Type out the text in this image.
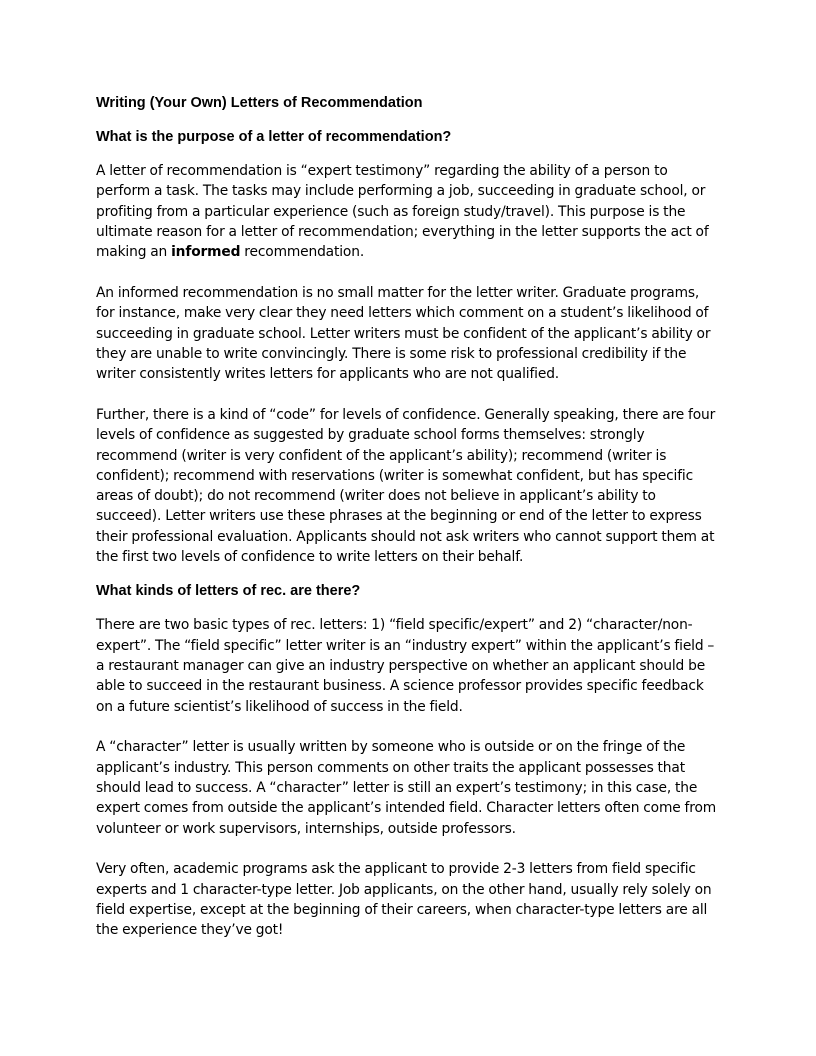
Writing (Your Own) Letters of Recommendation
What is the purpose of a letter of recommendation?

A letter of recommendation is “expert testimony” regarding the ability of a person to perform a task. The tasks may include performing a job, succeeding in graduate school, or profiting from a particular experience (such as foreign study/travel). This purpose is the ultimate reason for a letter of recommendation; everything in the letter supports the act of making an informed recommendation.

An informed recommendation is no small matter for the letter writer. Graduate programs, for instance, make very clear they need letters which comment on a student’s likelihood of succeeding in graduate school. Letter writers must be confident of the applicant’s ability or they are unable to write convincingly. There is some risk to professional credibility if the writer consistently writes letters for applicants who are not qualified.

Further, there is a kind of “code” for levels of confidence. Generally speaking, there are four levels of confidence as suggested by graduate school forms themselves: strongly recommend (writer is very confident of the applicant’s ability); recommend (writer is confident); recommend with reservations (writer is somewhat confident, but has specific areas of doubt); do not recommend (writer does not believe in applicant’s ability to succeed). Letter writers use these phrases at the beginning or end of the letter to express their professional evaluation. Applicants should not ask writers who cannot support them at the first two levels of confidence to write letters on their behalf.

What kinds of letters of rec. are there?

There are two basic types of rec. letters: 1) “field specific/expert” and 2) “character/non-expert”. The “field specific” letter writer is an “industry expert” within the applicant’s field – a restaurant manager can give an industry perspective on whether an applicant should be able to succeed in the restaurant business. A science professor provides specific feedback on a future scientist’s likelihood of success in the field.

A “character” letter is usually written by someone who is outside or on the fringe of the applicant’s industry. This person comments on other traits the applicant possesses that should lead to success. A “character” letter is still an expert’s testimony; in this case, the expert comes from outside the applicant’s intended field. Character letters often come from volunteer or work supervisors, internships, outside professors.

Very often, academic programs ask the applicant to provide 2-3 letters from field specific experts and 1 character-type letter. Job applicants, on the other hand, usually rely solely on field expertise, except at the beginning of their careers, when character-type letters are all the experience they’ve got!
